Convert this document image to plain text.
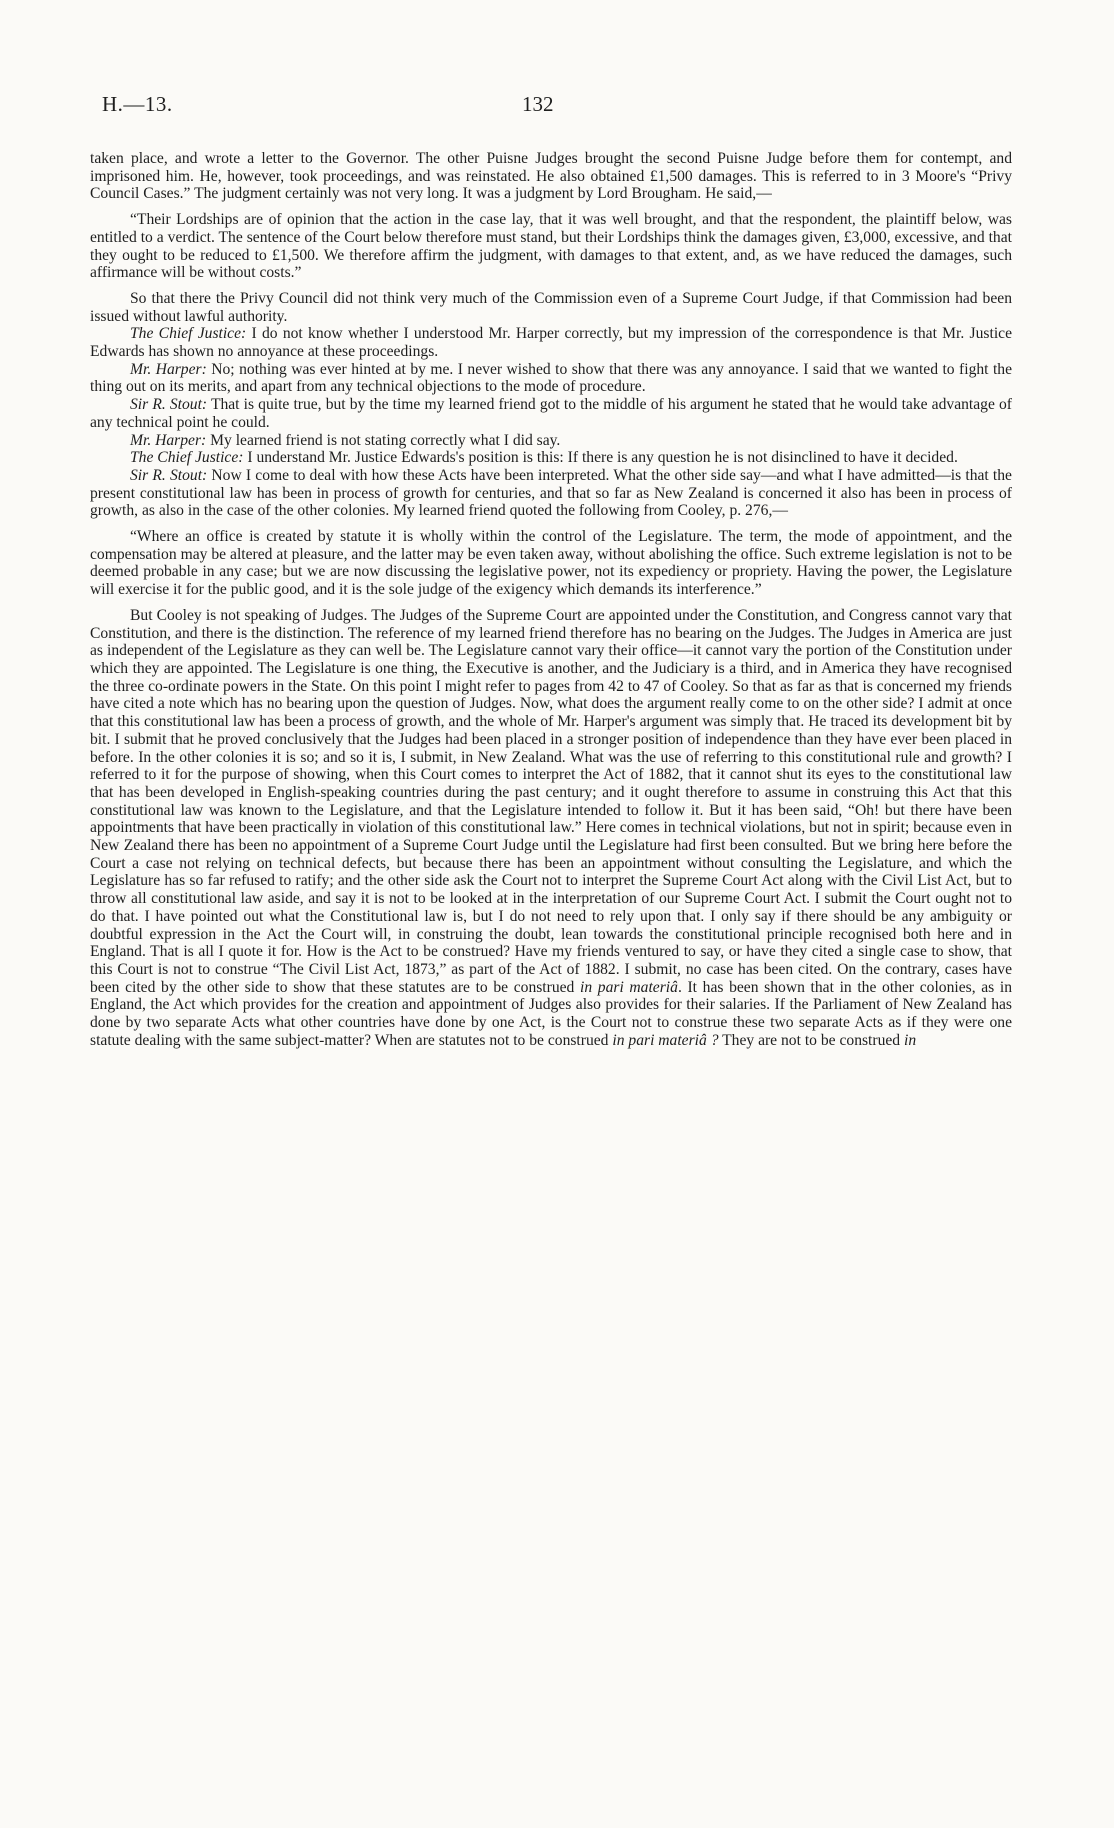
H.—13.	132

taken place, and wrote a letter to the Governor. The other Puisne Judges brought the second Puisne Judge before them for contempt, and imprisoned him. He, however, took proceedings, and was reinstated. He also obtained £1,500 damages. This is referred to in 3 Moore's “Privy Council Cases.” The judgment certainly was not very long. It was a judgment by Lord Brougham. He said,—

“Their Lordships are of opinion that the action in the case lay, that it was well brought, and that the respondent, the plaintiff below, was entitled to a verdict. The sentence of the Court below therefore must stand, but their Lordships think the damages given, £3,000, excessive, and that they ought to be reduced to £1,500. We therefore affirm the judgment, with damages to that extent, and, as we have reduced the damages, such affirmance will be without costs.”

So that there the Privy Council did not think very much of the Commission even of a Supreme Court Judge, if that Commission had been issued without lawful authority.

The Chief Justice: I do not know whether I understood Mr. Harper correctly, but my impression of the correspondence is that Mr. Justice Edwards has shown no annoyance at these proceedings.

Mr. Harper: No; nothing was ever hinted at by me. I never wished to show that there was any annoyance. I said that we wanted to fight the thing out on its merits, and apart from any technical objections to the mode of procedure.

Sir R. Stout: That is quite true, but by the time my learned friend got to the middle of his argument he stated that he would take advantage of any technical point he could.

Mr. Harper: My learned friend is not stating correctly what I did say.

The Chief Justice: I understand Mr. Justice Edwards's position is this: If there is any question he is not disinclined to have it decided.

Sir R. Stout: Now I come to deal with how these Acts have been interpreted. What the other side say—and what I have admitted—is that the present constitutional law has been in process of growth for centuries, and that so far as New Zealand is concerned it also has been in process of growth, as also in the case of the other colonies. My learned friend quoted the following from Cooley, p. 276,—

“Where an office is created by statute it is wholly within the control of the Legislature. The term, the mode of appointment, and the compensation may be altered at pleasure, and the latter may be even taken away, without abolishing the office. Such extreme legislation is not to be deemed probable in any case; but we are now discussing the legislative power, not its expediency or propriety. Having the power, the Legislature will exercise it for the public good, and it is the sole judge of the exigency which demands its interference.”

But Cooley is not speaking of Judges. The Judges of the Supreme Court are appointed under the Constitution, and Congress cannot vary that Constitution, and there is the distinction. The reference of my learned friend therefore has no bearing on the Judges. The Judges in America are just as independent of the Legislature as they can well be. The Legislature cannot vary their office—it cannot vary the portion of the Constitution under which they are appointed. The Legislature is one thing, the Executive is another, and the Judiciary is a third, and in America they have recognised the three co-ordinate powers in the State. On this point I might refer to pages from 42 to 47 of Cooley. So that as far as that is concerned my friends have cited a note which has no bearing upon the question of Judges. Now, what does the argument really come to on the other side? I admit at once that this constitutional law has been a process of growth, and the whole of Mr. Harper's argument was simply that. He traced its development bit by bit. I submit that he proved conclusively that the Judges had been placed in a stronger position of independence than they have ever been placed in before. In the other colonies it is so; and so it is, I submit, in New Zealand. What was the use of referring to this constitutional rule and growth? I referred to it for the purpose of showing, when this Court comes to interpret the Act of 1882, that it cannot shut its eyes to the constitutional law that has been developed in English-speaking countries during the past century; and it ought therefore to assume in construing this Act that this constitutional law was known to the Legislature, and that the Legislature intended to follow it. But it has been said, “Oh! but there have been appointments that have been practically in violation of this constitutional law.” Here comes in technical violations, but not in spirit; because even in New Zealand there has been no appointment of a Supreme Court Judge until the Legislature had first been consulted. But we bring here before the Court a case not relying on technical defects, but because there has been an appointment without consulting the Legislature, and which the Legislature has so far refused to ratify; and the other side ask the Court not to interpret the Supreme Court Act along with the Civil List Act, but to throw all constitutional law aside, and say it is not to be looked at in the interpretation of our Supreme Court Act. I submit the Court ought not to do that. I have pointed out what the Constitutional law is, but I do not need to rely upon that. I only say if there should be any ambiguity or doubtful expression in the Act the Court will, in construing the doubt, lean towards the constitutional principle recognised both here and in England. That is all I quote it for. How is the Act to be construed? Have my friends ventured to say, or have they cited a single case to show, that this Court is not to construe “The Civil List Act, 1873,” as part of the Act of 1882. I submit, no case has been cited. On the contrary, cases have been cited by the other side to show that these statutes are to be construed in pari materiâ. It has been shown that in the other colonies, as in England, the Act which provides for the creation and appointment of Judges also provides for their salaries. If the Parliament of New Zealand has done by two separate Acts what other countries have done by one Act, is the Court not to construe these two separate Acts as if they were one statute dealing with the same subject-matter? When are statutes not to be construed in pari materiâ ? They are not to be construed in
